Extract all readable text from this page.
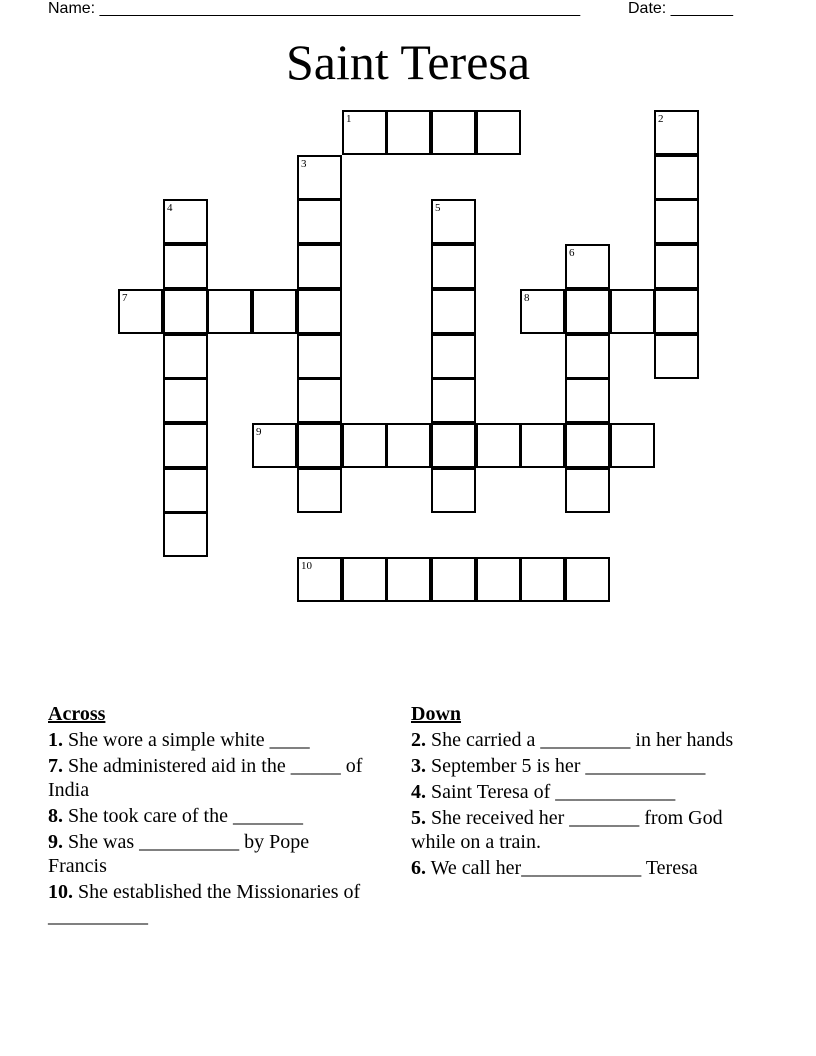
Name: ______________________________________________________	Date: _______
Saint Teresa
1	2
3
4	5
6
7	8
9
10
Across
1. She wore a simple white ____
7. She administered aid in the _____ of India
8. She took care of the _______
9. She was __________ by Pope Francis
10. She established the Missionaries of __________
Down
2. She carried a _________ in her hands
3. September 5 is her ____________
4. Saint Teresa of ____________
5. She received her _______ from God while on a train.
6. We call her____________ Teresa
